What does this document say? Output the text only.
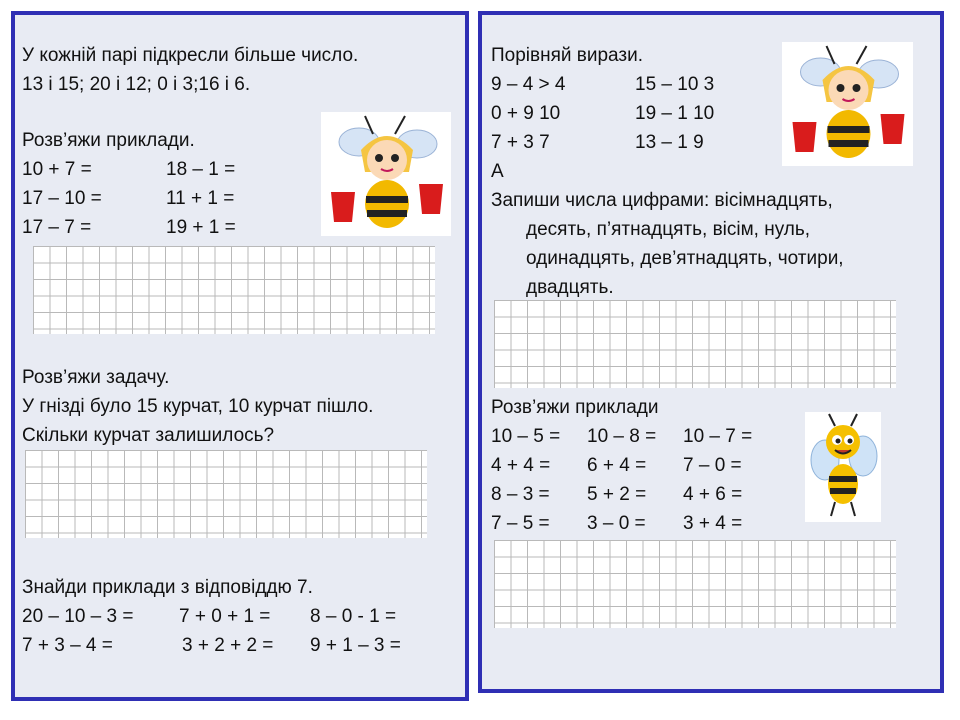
У кожній парі підкресли більше число.
13 і 15; 20 і 12; 0 і 3;16 і 6.
Розв’яжи приклади.
10 + 7 =
17 – 10 =
17 – 7 =
18 – 1 =
11 + 1 =
19 + 1 =
Розв’яжи задачу.
У гнізді було 15 курчат, 10 курчат пішло.
Скільки курчат залишилось?
Знайди приклади з відповіддю 7.
20 – 10 – 3 = 7 + 0 + 1 = 8 – 0 - 1 =
7 + 3 – 4 =	3 + 2 + 2 = 9 + 1 – 3 =
Порівняй вирази.
9 – 4 > 4
0 + 9 10
7 + 3 7
15 – 10 3
19 – 1 10
13 – 1 9
А
Запиши числа цифрами: вісімнадцять,
десять, п’ятнадцять, вісім, нуль,
одинадцять, дев’ятнадцять, чотири,
двадцять.
Розв’яжи приклади
10 – 5 =
4 + 4 =
8 – 3 =
7 – 5 =
10 – 8 =
6 + 4 =
5 + 2 =
3 – 0 =
10 – 7 =
7 – 0 =
4 + 6 =
3 + 4 =
